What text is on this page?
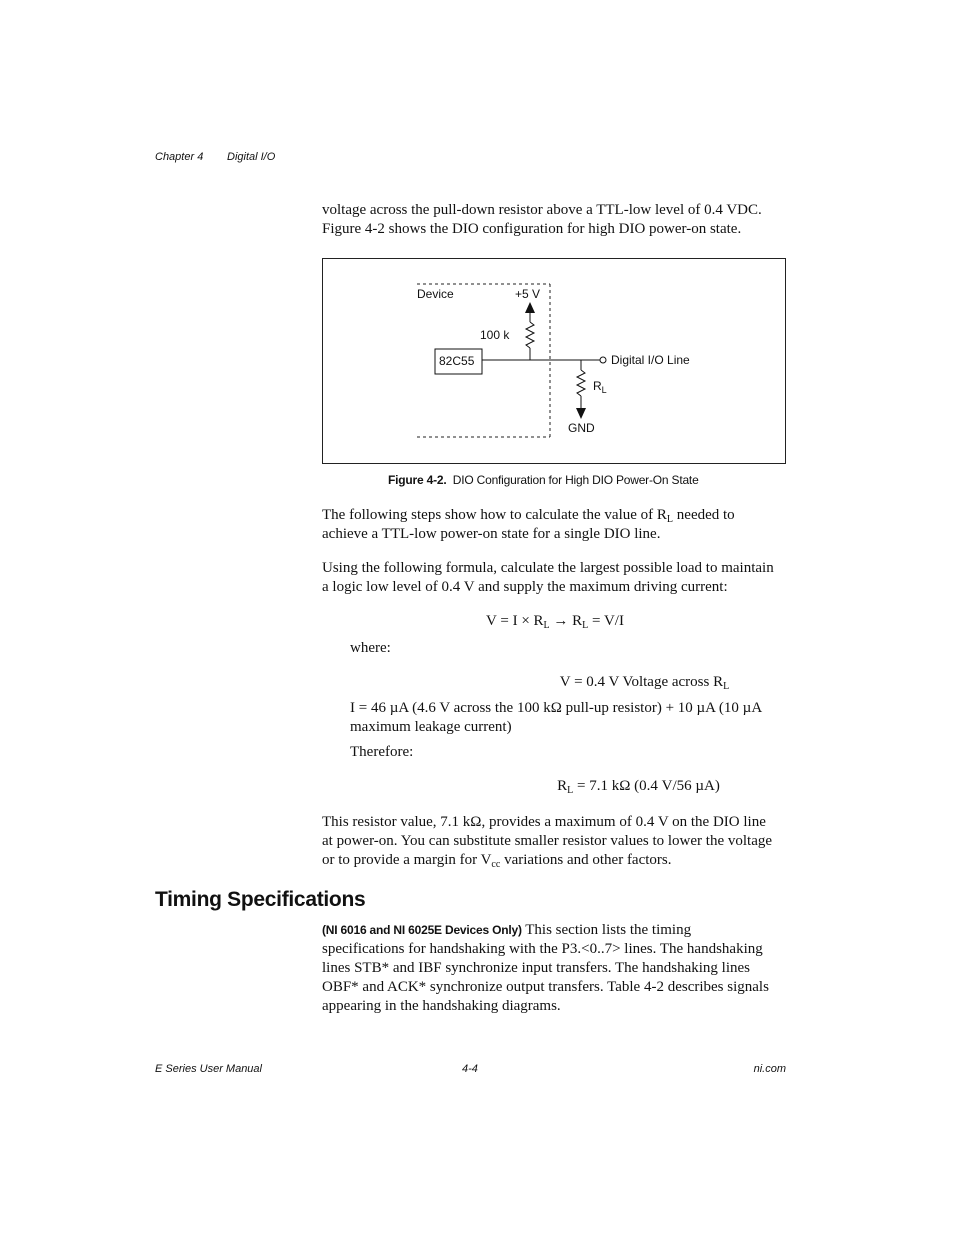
Chapter 4 Digital I/O
voltage across the pull-down resistor above a TTL-low level of 0.4 VDC.
Figure 4-2 shows the DIO configuration for high DIO power-on state.
Device	+5 V
100 k
82C55	Digital I/O Line
$R_L$
GND
Figure 4-2. DIO Configuration for High DIO Power-On State
The following steps show how to calculate the value of $R_L$ needed to
achieve a TTL-low power-on state for a single DIO line.
Using the following formula, calculate the largest possible load to maintain
a logic low level of 0.4 V and supply the maximum driving current:
$V = I \times R_L \to R_L = V/I$
where:
V = 0.4 V Voltage across $R_L$
I = 46 µA (4.6 V across the 100 kΩ pull-up resistor) + 10 µA (10 µA
maximum leakage current)
Therefore:
$R_L = 7.1$ kΩ (0.4 V/56 µA)
This resistor value, 7.1 kΩ, provides a maximum of 0.4 V on the DIO line
at power-on. You can substitute smaller resistor values to lower the voltage
or to provide a margin for $V_{cc}$ variations and other factors.
Timing Specifications
(NI 6016 and NI 6025E Devices Only) This section lists the timing
specifications for handshaking with the P3.<0..7> lines. The handshaking
lines STB* and IBF synchronize input transfers. The handshaking lines
OBF* and ACK* synchronize output transfers. Table 4-2 describes signals
appearing in the handshaking diagrams.
E Series User Manual	4-4	ni.com
